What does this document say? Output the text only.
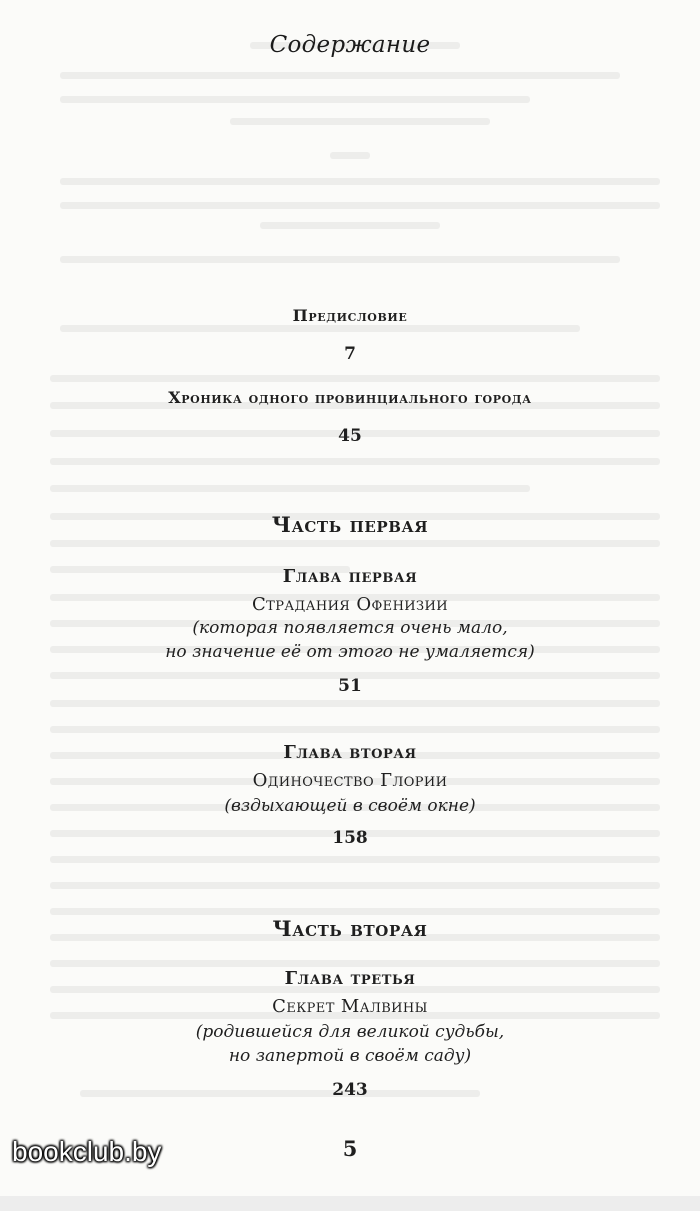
Содержание
Предисловие
7
Хроника одного провинциального города
45
Часть первая
Глава первая
Страдания Офенизии
(которая появляется очень мало,
но значение её от этого не умаляется)
51
Глава вторая
Одиночество Глории
(вздыхающей в своём окне)
158
Часть вторая
Глава третья
Секрет Малвины
(родившейся для великой судьбы,
но запертой в своём саду)
243
5
bookclub.by
